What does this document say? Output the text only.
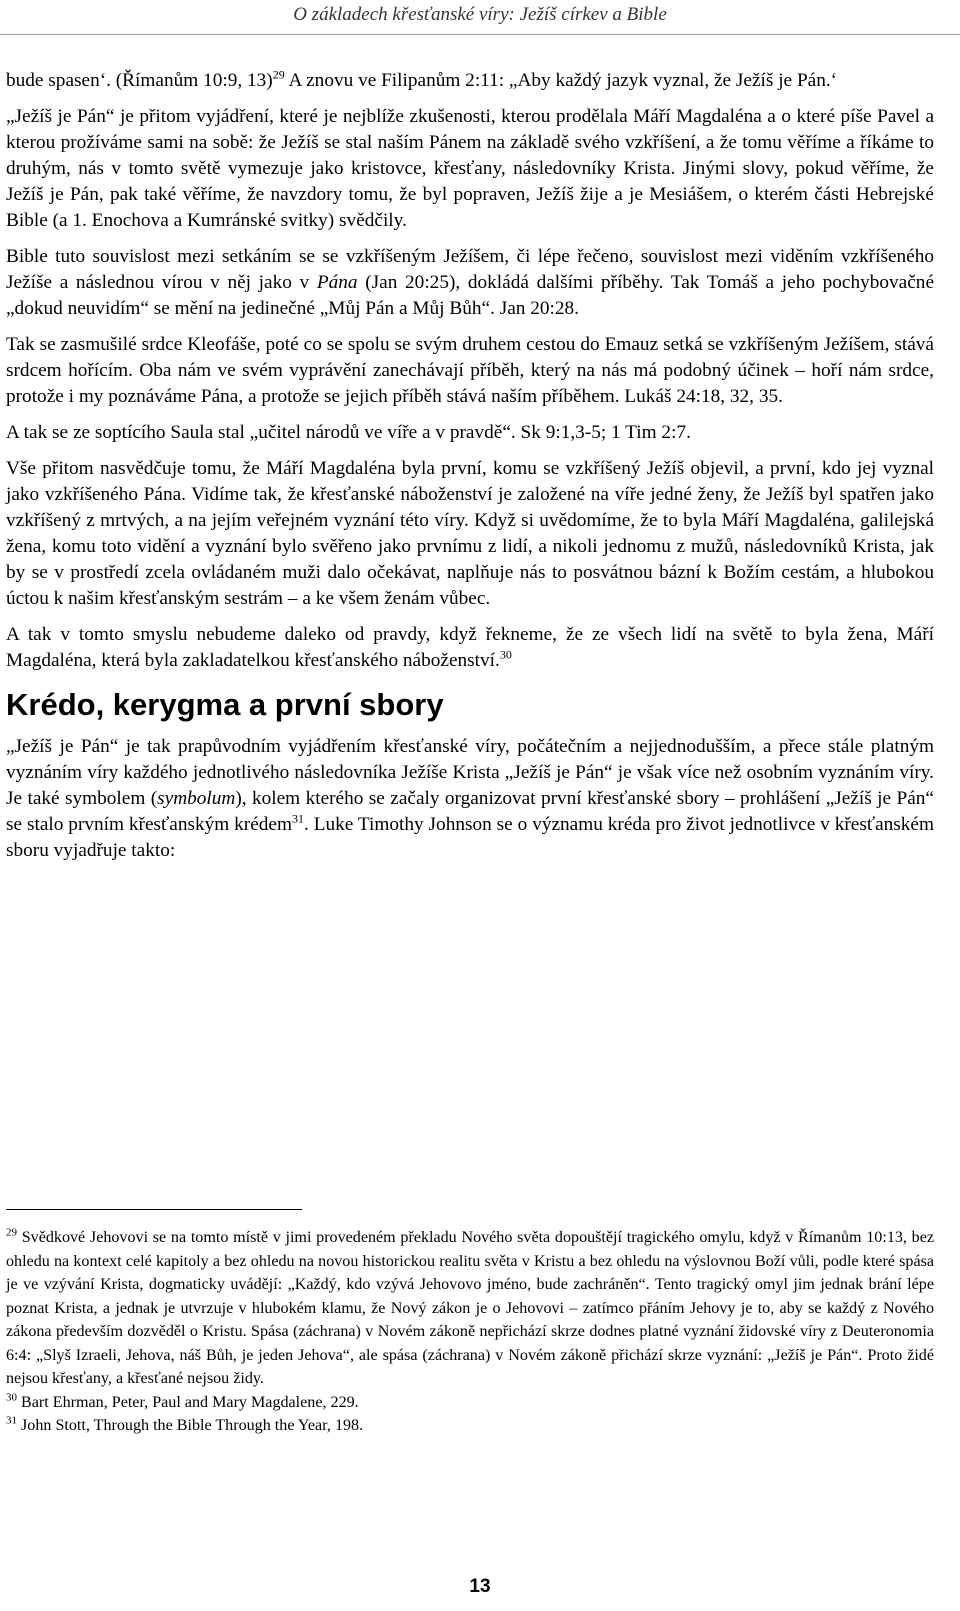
O základech křesťanské víry: Ježíš církev a Bible

bude spasen‘. (Římanům 10:9, 13)$^{29}$ A znovu ve Filipanům 2:11: „Aby každý jazyk vyznal, že Ježíš je Pán.‘

„Ježíš je Pán“ je přitom vyjádření, které je nejblíže zkušenosti, kterou prodělala Máří Magdaléna a o které píše Pavel a kterou prožíváme sami na sobě: že Ježíš se stal naším Pánem na základě svého vzkříšení, a že tomu věříme a říkáme to druhým, nás v tomto světě vymezuje jako kristovce, křesťany, následovníky Krista. Jinými slovy, pokud věříme, že Ježíš je Pán, pak také věříme, že navzdory tomu, že byl popraven, Ježíš žije a je Mesiášem, o kterém části Hebrejské Bible (a 1. Enochova a Kumránské svitky) svědčily.

Bible tuto souvislost mezi setkáním se se vzkříšeným Ježíšem, či lépe řečeno, souvislost mezi viděním vzkříšeného Ježíše a následnou vírou v něj jako v Pána (Jan 20:25), dokládá dalšími příběhy. Tak Tomáš a jeho pochybovačné „dokud neuvidím“ se mění na jedinečné „Můj Pán a Můj Bůh“. Jan 20:28.

Tak se zasmušilé srdce Kleofáše, poté co se spolu se svým druhem cestou do Emauz setká se vzkříšeným Ježíšem, stává srdcem hořícím. Oba nám ve svém vyprávění zanechávají příběh, který na nás má podobný účinek – hoří nám srdce, protože i my poznáváme Pána, a protože se jejich příběh stává naším příběhem. Lukáš 24:18, 32, 35.

A tak se ze soptícího Saula stal „učitel národů ve víře a v pravdě“. Sk 9:1,3-5; 1 Tim 2:7.

Vše přitom nasvědčuje tomu, že Máří Magdaléna byla první, komu se vzkříšený Ježíš objevil, a první, kdo jej vyznal jako vzkříšeného Pána. Vidíme tak, že křesťanské náboženství je založené na víře jedné ženy, že Ježíš byl spatřen jako vzkříšený z mrtvých, a na jejím veřejném vyznání této víry. Když si uvědomíme, že to byla Máří Magdaléna, galilejská žena, komu toto vidění a vyznání bylo svěřeno jako prvnímu z lidí, a nikoli jednomu z mužů, následovníků Krista, jak by se v prostředí zcela ovládaném muži dalo očekávat, naplňuje nás to posvátnou bázní k Božím cestám, a hlubokou úctou k našim křesťanským sestrám – a ke všem ženám vůbec.

A tak v tomto smyslu nebudeme daleko od pravdy, když řekneme, že ze všech lidí na světě to byla žena, Máří Magdaléna, která byla zakladatelkou křesťanského náboženství.$^{30}$

Krédo, kerygma a první sbory

„Ježíš je Pán“ je tak prapůvodním vyjádřením křesťanské víry, počátečním a nejjednodušším, a přece stále platným vyznáním víry každého jednotlivého následovníka Ježíše Krista „Ježíš je Pán“ je však více než osobním vyznáním víry. Je také symbolem (symbolum), kolem kterého se začaly organizovat první křesťanské sbory – prohlášení „Ježíš je Pán“ se stalo prvním křesťanským krédem$^{31}$. Luke Timothy Johnson se o významu kréda pro život jednotlivce v křesťanském sboru vyjadřuje takto:

$^{29}$ Svědkové Jehovovi se na tomto místě v jimi provedeném překladu Nového světa dopouštějí tragického omylu, když v Římanům 10:13, bez ohledu na kontext celé kapitoly a bez ohledu na novou historickou realitu světa v Kristu a bez ohledu na výslovnou Boží vůli, podle které spása je ve vzývání Krista, dogmaticky uvádějí: „Každý, kdo vzývá Jehovovo jméno, bude zachráněn“. Tento tragický omyl jim jednak brání lépe poznat Krista, a jednak je utvrzuje v hlubokém klamu, že Nový zákon je o Jehovovi – zatímco přáním Jehovy je to, aby se každý z Nového zákona především dozvěděl o Kristu. Spása (záchrana) v Novém zákoně nepřichází skrze dodnes platné vyznání židovské víry z Deuteronomia 6:4: „Slyš Izraeli, Jehova, náš Bůh, je jeden Jehova“, ale spása (záchrana) v Novém zákoně přichází skrze vyznání: „Ježíš je Pán“. Proto židé nejsou křesťany, a křesťané nejsou židy.

$^{30}$ Bart Ehrman, Peter, Paul and Mary Magdalene, 229.

$^{31}$ John Stott, Through the Bible Through the Year, 198.

13
